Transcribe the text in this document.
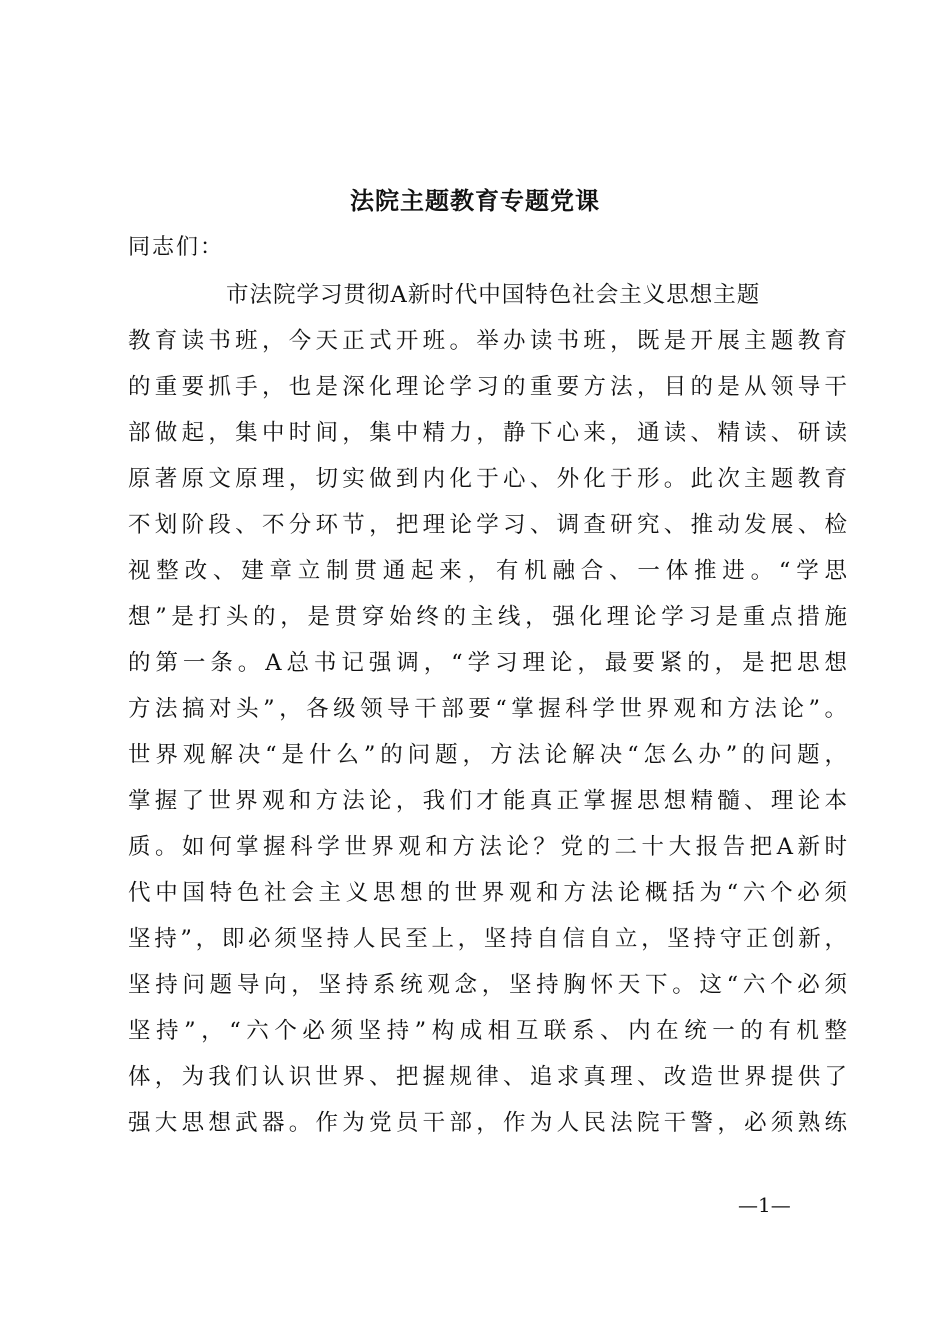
法院主题教育专题党课
同志们：
市法院学习贯彻A新时代中国特色社会主义思想主题
教育读书班，今天正式开班。举办读书班，既是开展主题教育
的重要抓手，也是深化理论学习的重要方法，目的是从领导干
部做起，集中时间，集中精力，静下心来，通读、精读、研读
原著原文原理，切实做到内化于心、外化于形。此次主题教育
不划阶段、不分环节，把理论学习、调查研究、推动发展、检
视整改、建章立制贯通起来，有机融合、一体推进。“学思
想”是打头的，是贯穿始终的主线，强化理论学习是重点措施
的第一条。A总书记强调，“学习理论，最要紧的，是把思想
方法搞对头”，各级领导干部要“掌握科学世界观和方法论”。
世界观解决“是什么”的问题，方法论解决“怎么办”的问题，
掌握了世界观和方法论，我们才能真正掌握思想精髓、理论本
质。如何掌握科学世界观和方法论？党的二十大报告把A新时
代中国特色社会主义思想的世界观和方法论概括为“六个必须
坚持”，即必须坚持人民至上，坚持自信自立，坚持守正创新，
坚持问题导向，坚持系统观念，坚持胸怀天下。这“六个必须
坚持”，“六个必须坚持”构成相互联系、内在统一的有机整
体，为我们认识世界、把握规律、追求真理、改造世界提供了
强大思想武器。作为党员干部，作为人民法院干警，必须熟练
—1—
